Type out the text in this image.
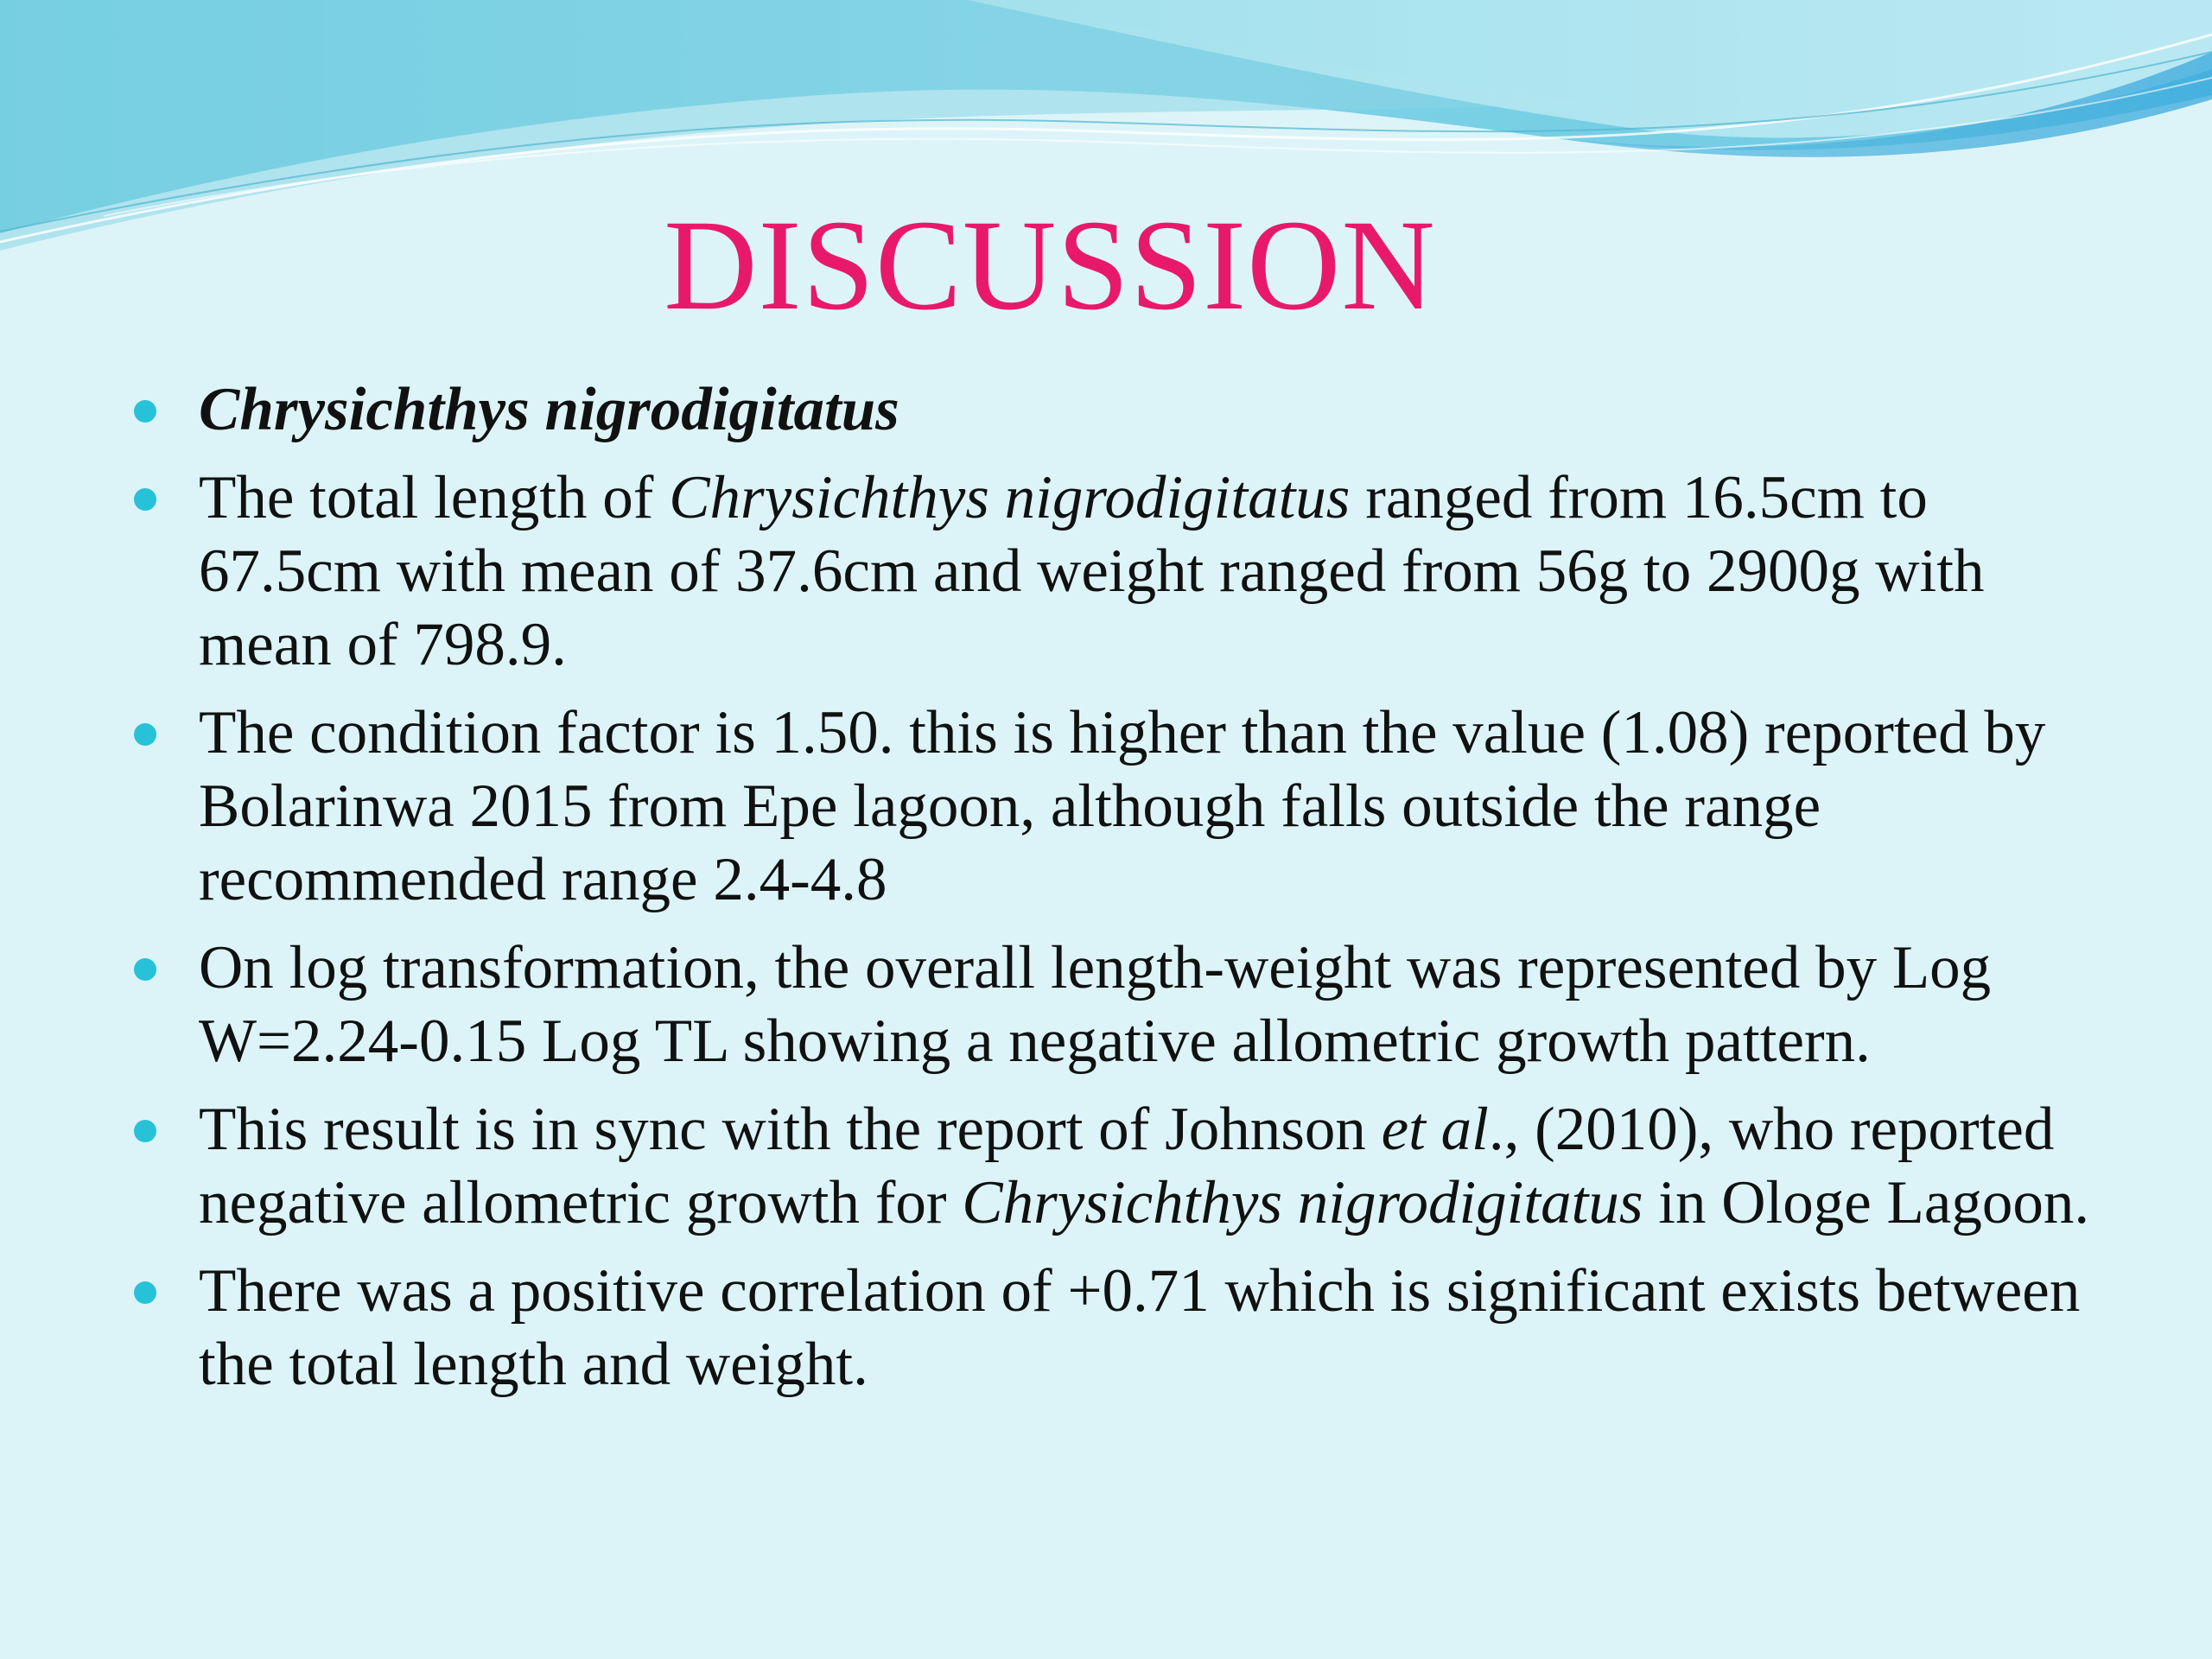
DISCUSSION
Chrysichthys nigrodigitatus
The total length of Chrysichthys nigrodigitatus ranged from 16.5cm to 67.5cm with mean of 37.6cm and weight ranged from 56g to 2900g with mean of 798.9.
The condition factor is 1.50. this is higher than the value (1.08) reported by Bolarinwa 2015 from Epe lagoon, although falls outside the range recommended range 2.4-4.8
On log transformation, the overall length-weight was represented by Log W=2.24-0.15 Log TL showing a negative allometric growth pattern.
This result is in sync with the report of Johnson et al., (2010), who reported negative allometric growth for Chrysichthys nigrodigitatus in Ologe Lagoon.
There was a positive correlation of +0.71 which is significant exists between the total length and weight.
